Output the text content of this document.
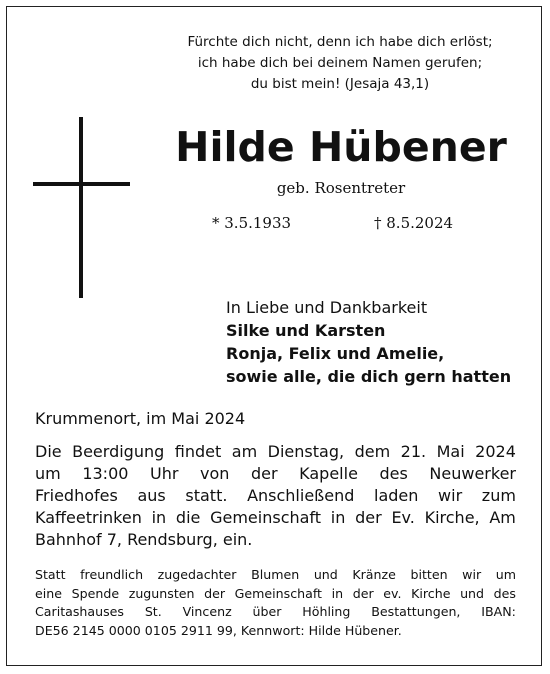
Fürchte dich nicht, denn ich habe dich erlöst;
ich habe dich bei deinem Namen gerufen;
du bist mein! (Jesaja 43,1)
Hilde Hübener
geb. Rosentreter
* 3.5.1933	† 8.5.2024
In Liebe und Dankbarkeit
Silke und Karsten
Ronja, Felix und Amelie,
sowie alle, die dich gern hatten
Krummenort, im Mai 2024
Die Beerdigung findet am Dienstag, dem 21. Mai 2024
um 13:00 Uhr von der Kapelle des Neuwerker
Friedhofes aus statt. Anschließend laden wir zum
Kaffeetrinken in die Gemeinschaft in der Ev. Kirche, Am
Bahnhof 7, Rendsburg, ein.
Statt freundlich zugedachter Blumen und Kränze bitten wir um
eine Spende zugunsten der Gemeinschaft in der ev. Kirche und des
Caritashauses St. Vincenz über Höhling Bestattungen, IBAN:
DE56 2145 0000 0105 2911 99, Kennwort: Hilde Hübener.
